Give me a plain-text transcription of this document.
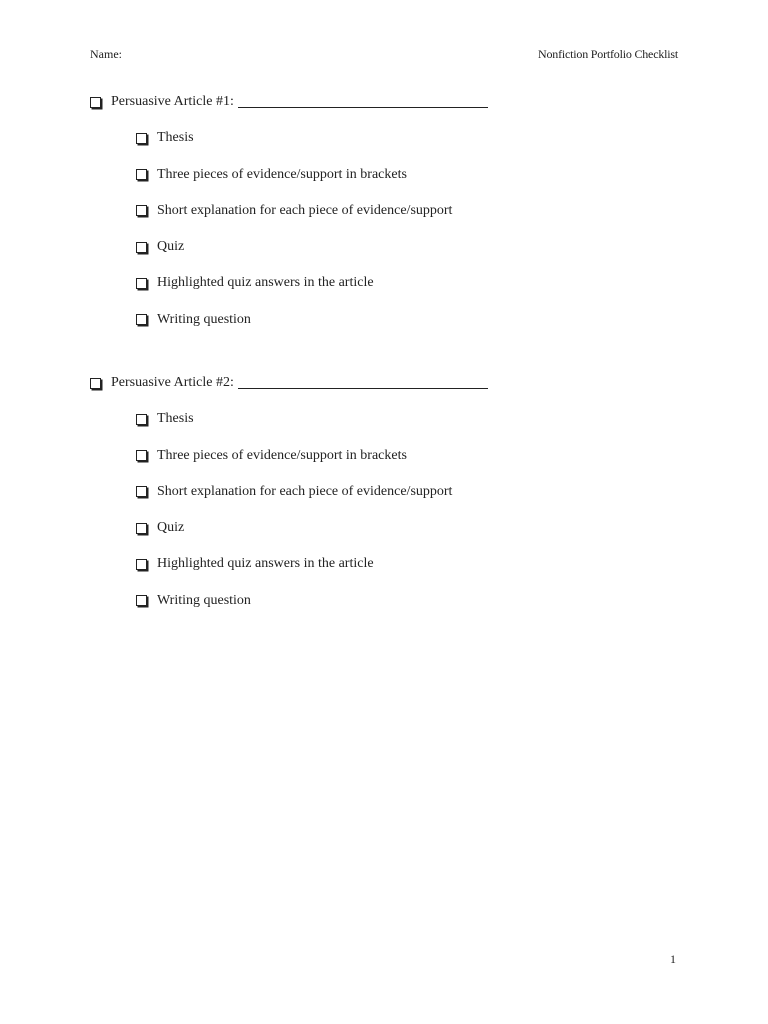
Name:	Nonfiction Portfolio Checklist
Persuasive Article #1:
Thesis
Three pieces of evidence/support in brackets
Short explanation for each piece of evidence/support
Quiz
Highlighted quiz answers in the article
Writing question
Persuasive Article #2:
Thesis
Three pieces of evidence/support in brackets
Short explanation for each piece of evidence/support
Quiz
Highlighted quiz answers in the article
Writing question
1
